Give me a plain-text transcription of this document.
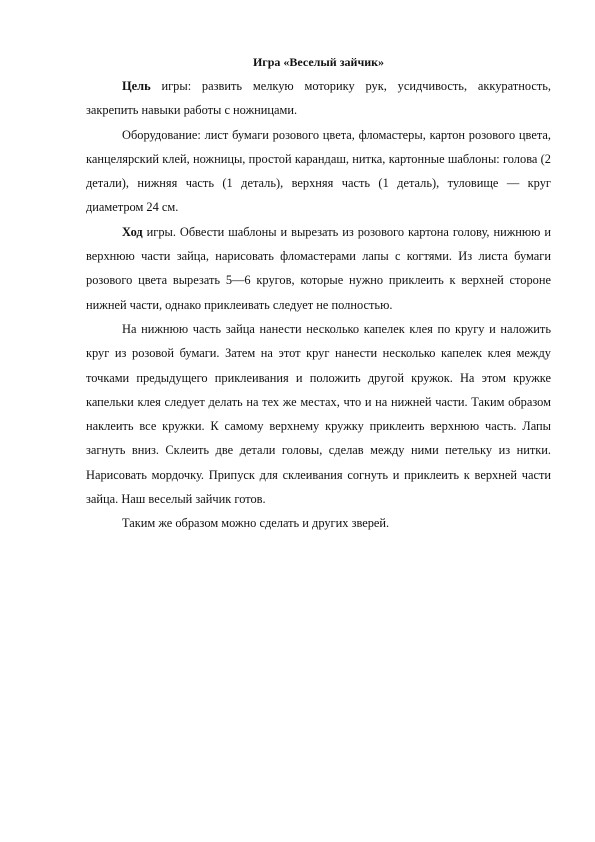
Игра «Веселый зайчик»

Цель игры: развить мелкую моторику рук, усидчивость, аккуратность, закрепить навыки работы с ножницами.

Оборудование: лист бумаги розового цвета, фломастеры, картон розового цвета, канцелярский клей, ножницы, простой карандаш, нитка, картонные шаблоны: голова (2 детали), нижняя часть (1 деталь), верхняя часть (1 деталь), туловище — круг диаметром 24 см.

Ход игры. Обвести шаблоны и вырезать из розового картона голову, нижнюю и верхнюю части зайца, нарисовать фломастерами лапы с когтями. Из листа бумаги розового цвета вырезать 5—6 кругов, которые нужно приклеить к верхней стороне нижней части, однако приклеивать следует не полностью.

На нижнюю часть зайца нанести несколько капелек клея по кругу и наложить круг из розовой бумаги. Затем на этот круг нанести несколько капелек клея между точками предыдущего приклеивания и положить другой кружок. На этом кружке капельки клея следует делать на тех же местах, что и на нижней части. Таким образом наклеить все кружки. К самому верхнему кружку приклеить верхнюю часть. Лапы загнуть вниз. Склеить две детали головы, сделав между ними петельку из нитки. Нарисовать мордочку. Припуск для склеивания согнуть и приклеить к верхней части зайца. Наш веселый зайчик готов.

Таким же образом можно сделать и других зверей.
